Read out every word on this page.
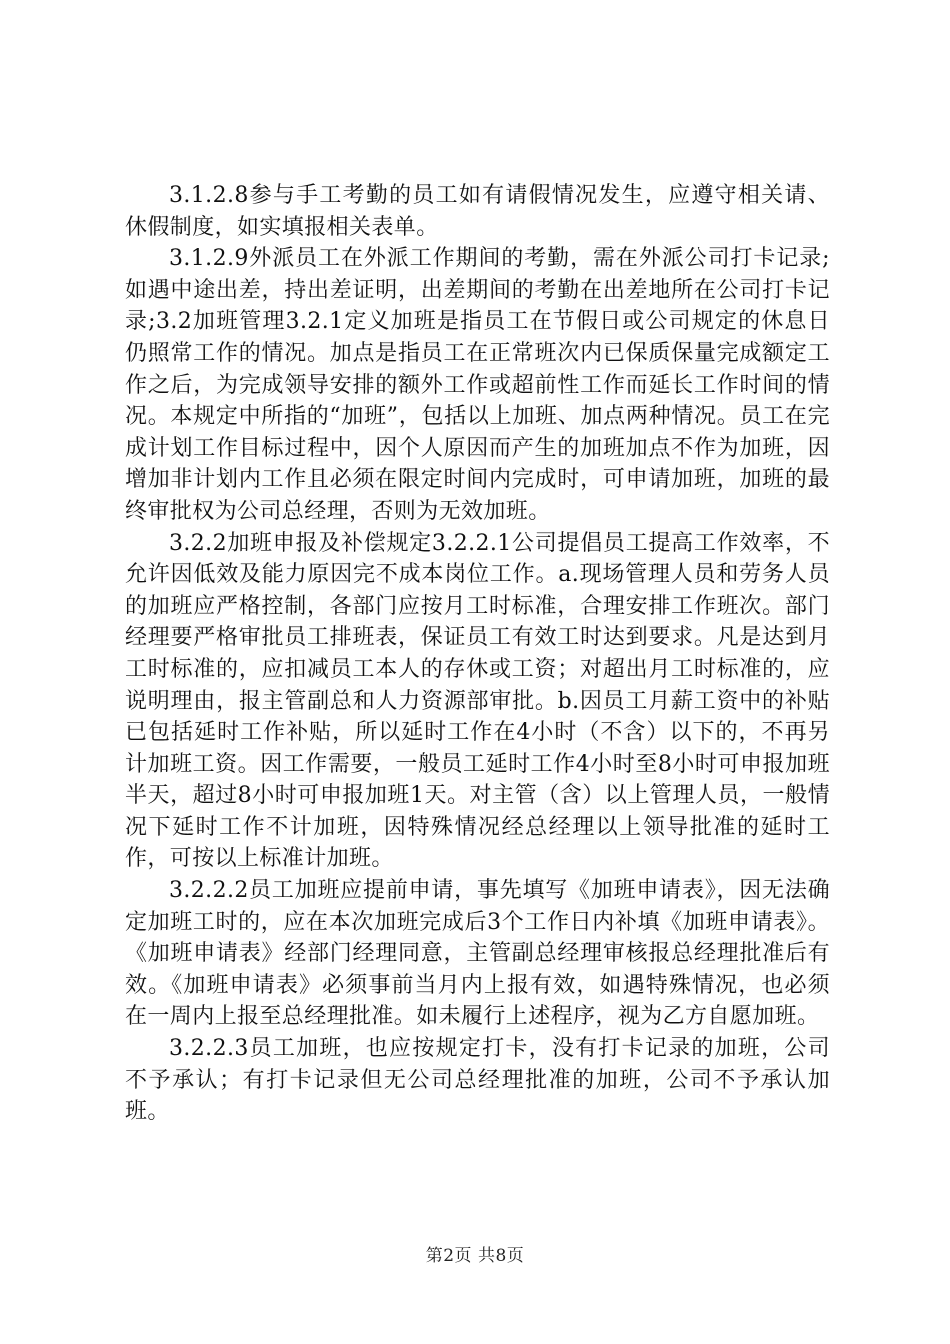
3.1.2.8参与手工考勤的员工如有请假情况发生，应遵守相关请、休假制度，如实填报相关表单。

3.1.2.9外派员工在外派工作期间的考勤，需在外派公司打卡记录;如遇中途出差，持出差证明，出差期间的考勤在出差地所在公司打卡记录;3.2加班管理3.2.1定义加班是指员工在节假日或公司规定的休息日仍照常工作的情况。加点是指员工在正常班次内已保质保量完成额定工作之后，为完成领导安排的额外工作或超前性工作而延长工作时间的情况。本规定中所指的“加班”，包括以上加班、加点两种情况。员工在完成计划工作目标过程中，因个人原因而产生的加班加点不作为加班，因增加非计划内工作且必须在限定时间内完成时，可申请加班，加班的最终审批权为公司总经理，否则为无效加班。

3.2.2加班申报及补偿规定3.2.2.1公司提倡员工提高工作效率，不允许因低效及能力原因完不成本岗位工作。a.现场管理人员和劳务人员的加班应严格控制，各部门应按月工时标准，合理安排工作班次。部门经理要严格审批员工排班表，保证员工有效工时达到要求。凡是达到月工时标准的，应扣减员工本人的存休或工资；对超出月工时标准的，应说明理由，报主管副总和人力资源部审批。b.因员工月薪工资中的补贴已包括延时工作补贴，所以延时工作在4小时（不含）以下的，不再另计加班工资。因工作需要，一般员工延时工作4小时至8小时可申报加班半天，超过8小时可申报加班1天。对主管（含）以上管理人员，一般情况下延时工作不计加班，因特殊情况经总经理以上领导批准的延时工作，可按以上标准计加班。

3.2.2.2员工加班应提前申请，事先填写《加班申请表》，因无法确定加班工时的，应在本次加班完成后3个工作日内补填《加班申请表》。《加班申请表》经部门经理同意，主管副总经理审核报总经理批准后有效。《加班申请表》必须事前当月内上报有效，如遇特殊情况，也必须在一周内上报至总经理批准。如未履行上述程序，视为乙方自愿加班。

3.2.2.3员工加班，也应按规定打卡，没有打卡记录的加班，公司不予承认；有打卡记录但无公司总经理批准的加班，公司不予承认加班。

第2页 共8页
